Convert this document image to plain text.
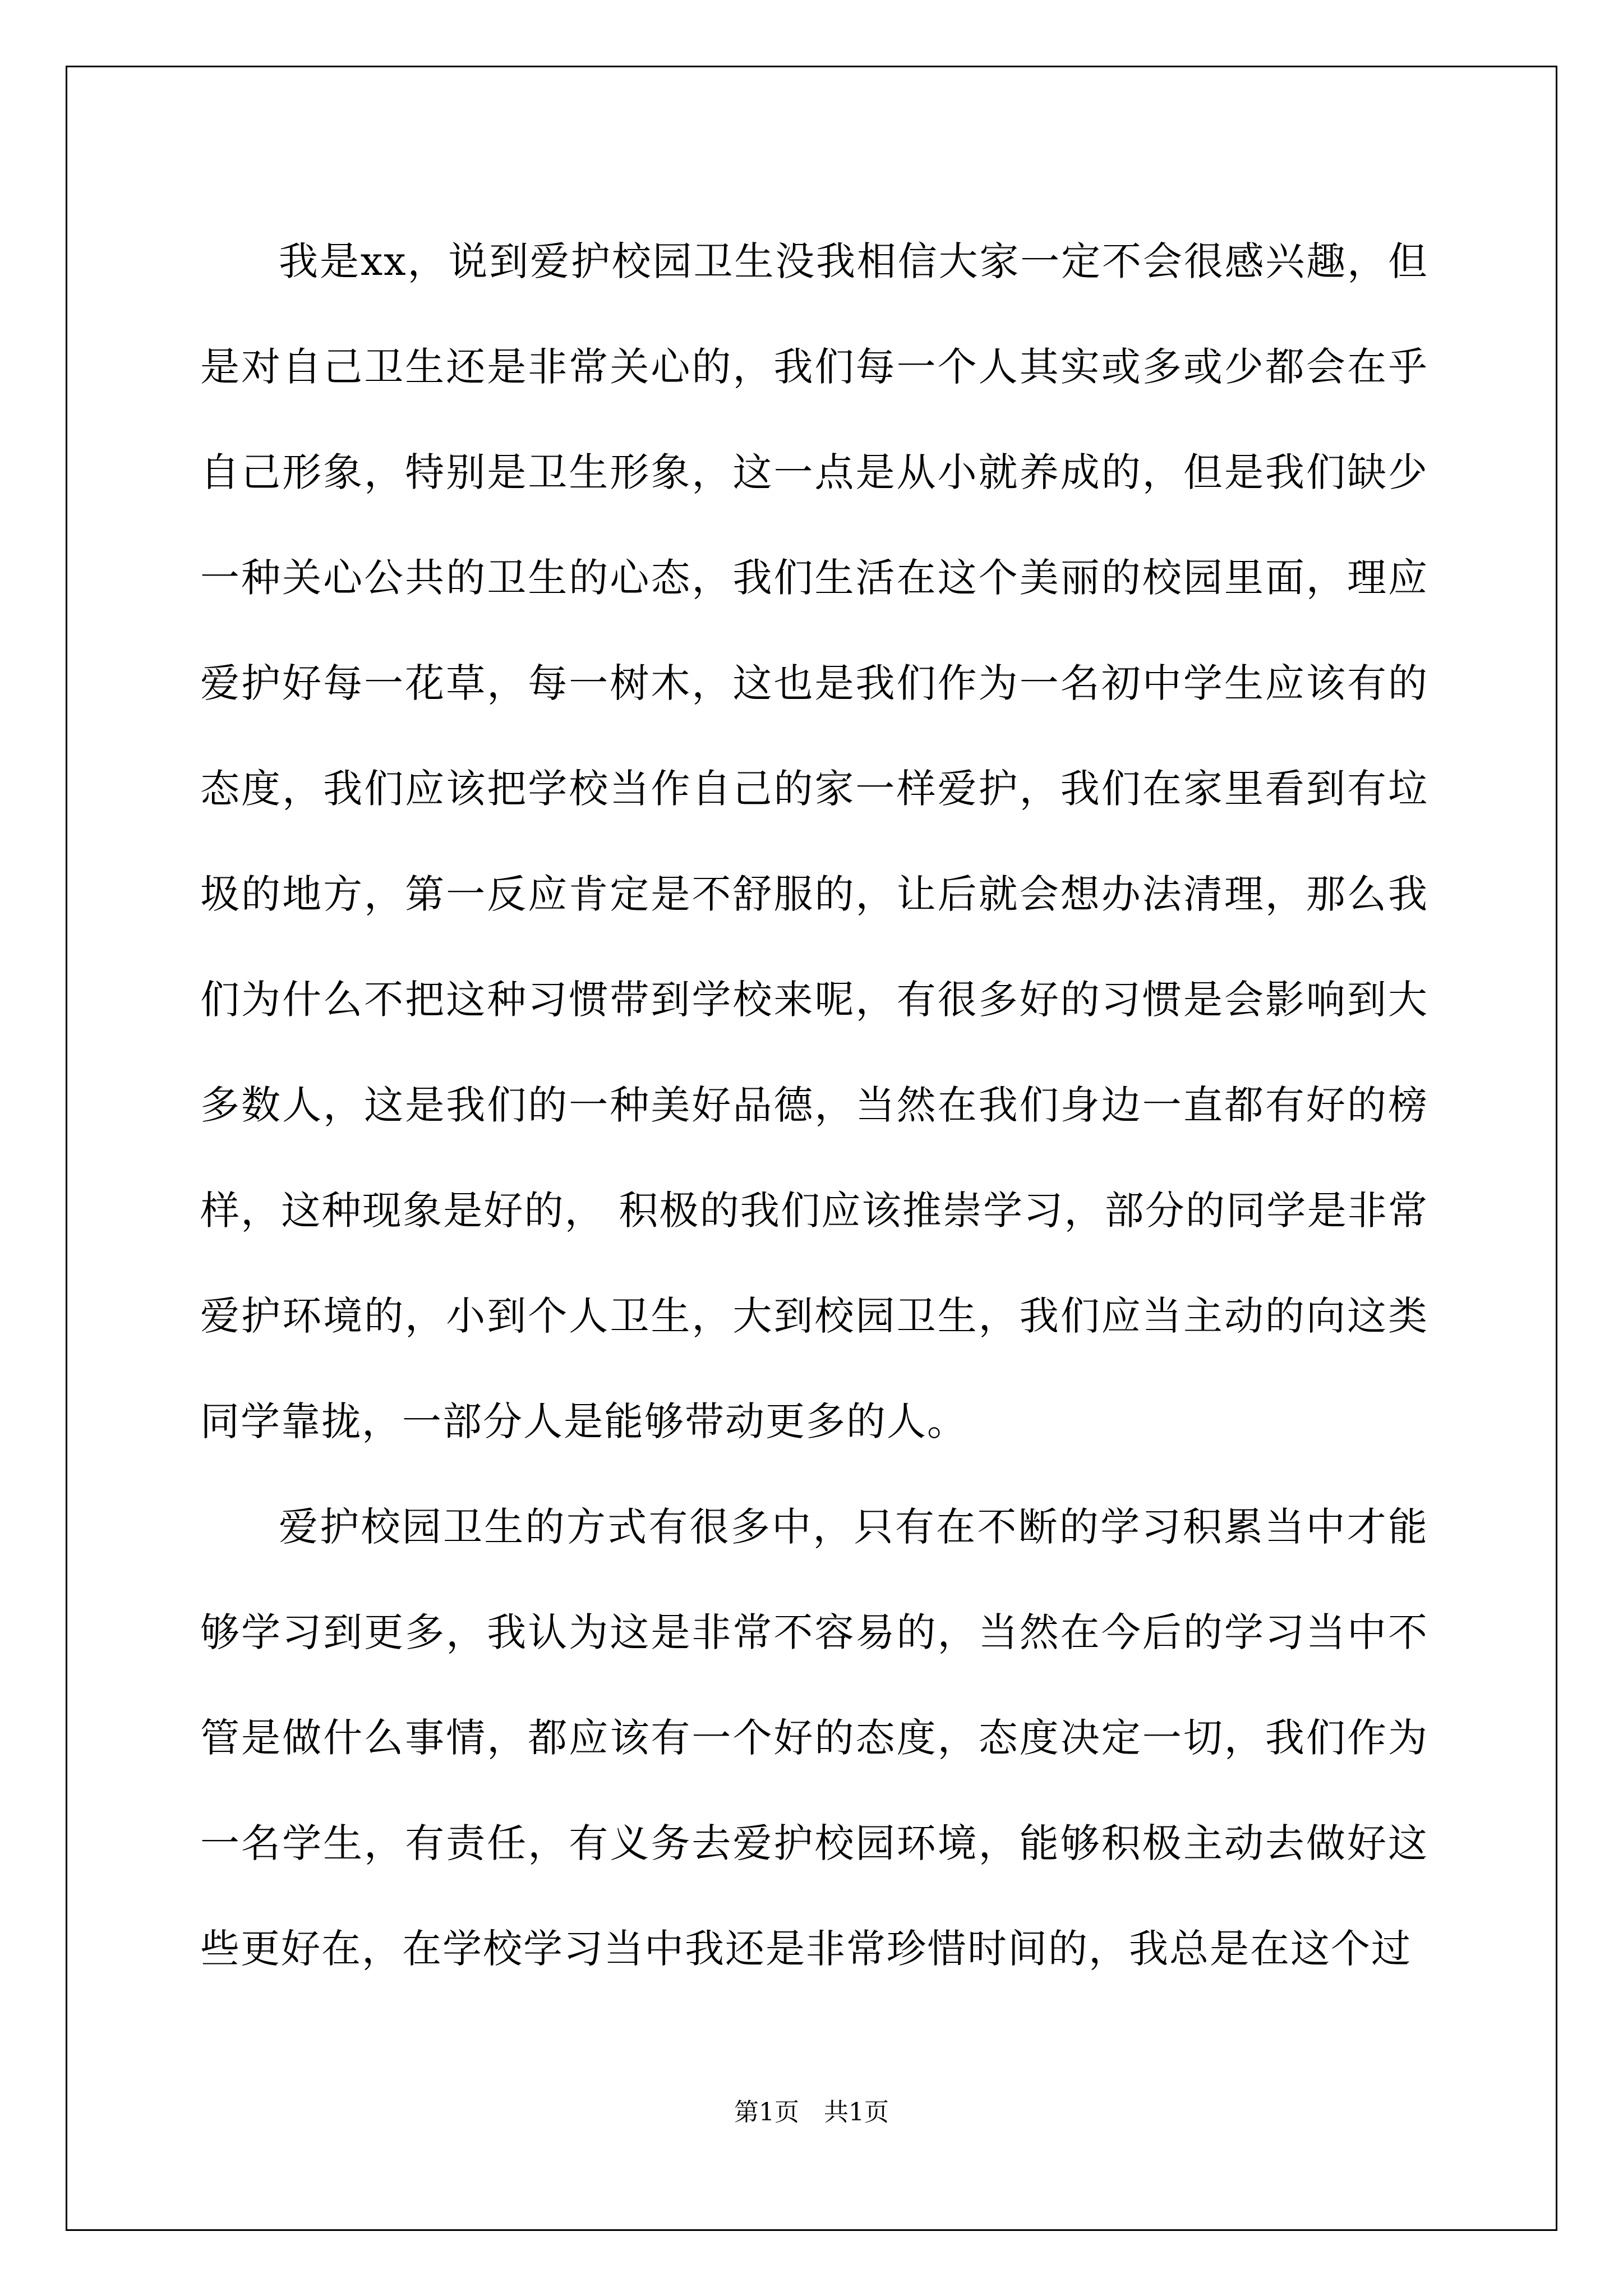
我是xx，说到爱护校园卫生没我相信大家一定不会很感兴趣，但是对自己卫生还是非常关心的，我们每一个人其实或多或少都会在乎自己形象，特别是卫生形象，这一点是从小就养成的，但是我们缺少一种关心公共的卫生的心态，我们生活在这个美丽的校园里面，理应爱护好每一花草，每一树木，这也是我们作为一名初中学生应该有的态度，我们应该把学校当作自己的家一样爱护，我们在家里看到有垃圾的地方，第一反应肯定是不舒服的，让后就会想办法清理，那么我们为什么不把这种习惯带到学校来呢，有很多好的习惯是会影响到大多数人，这是我们的一种美好品德，当然在我们身边一直都有好的榜样，这种现象是好的， 积极的我们应该推崇学习，部分的同学是非常爱护环境的，小到个人卫生，大到校园卫生，我们应当主动的向这类同学靠拢，一部分人是能够带动更多的人。

爱护校园卫生的方式有很多中，只有在不断的学习积累当中才能够学习到更多，我认为这是非常不容易的，当然在今后的学习当中不管是做什么事情，都应该有一个好的态度，态度决定一切，我们作为一名学生，有责任，有义务去爱护校园环境，能够积极主动去做好这些更好在，在学校学习当中我还是非常珍惜时间的，我总是在这个过

第1页　共1页
